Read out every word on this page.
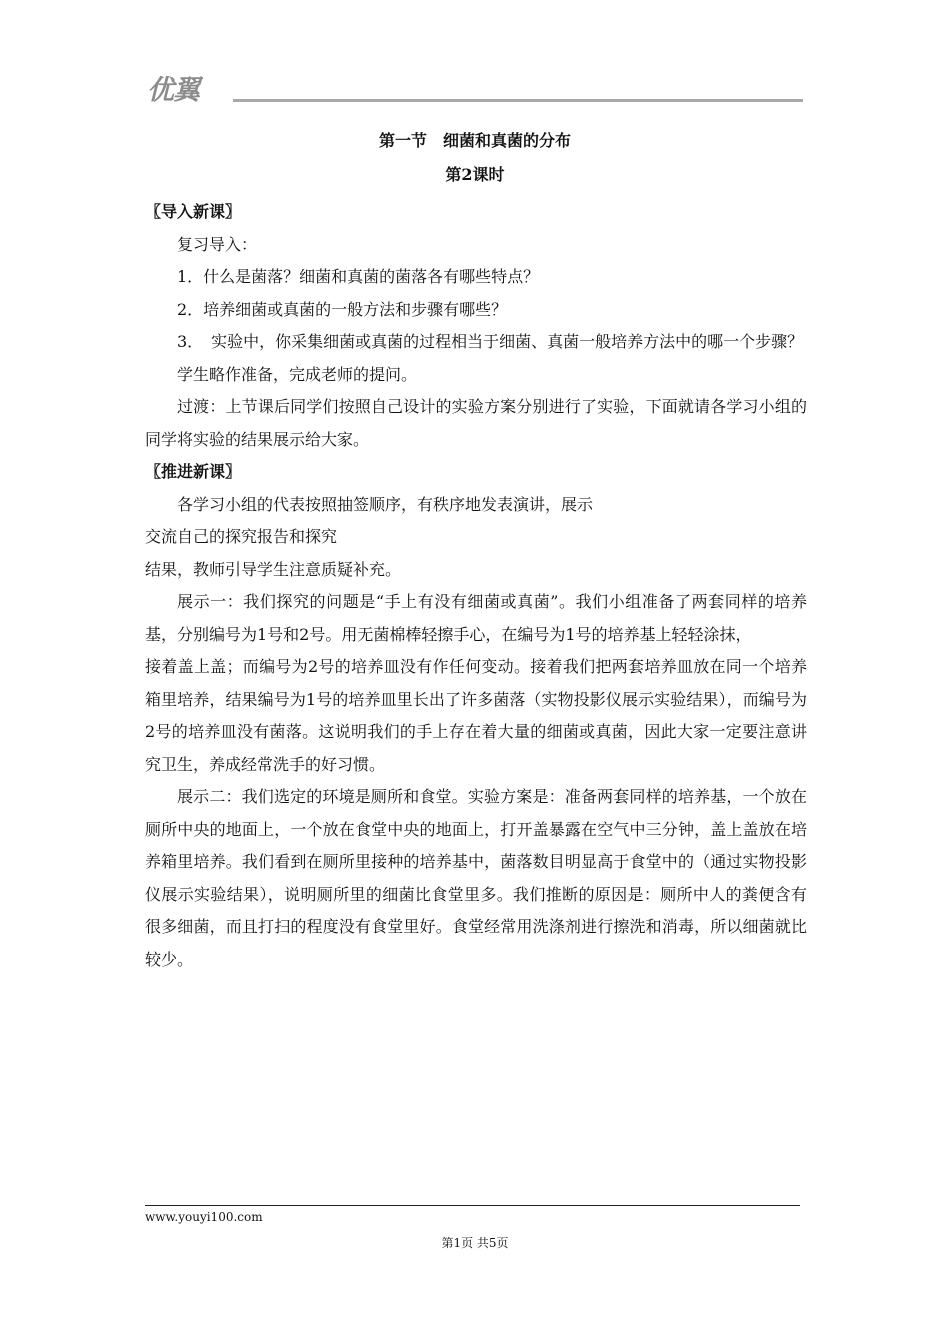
优翼
第一节　细菌和真菌的分布
第2课时

〖导入新课〗

复习导入：

1．什么是菌落？细菌和真菌的菌落各有哪些特点？

2．培养细菌或真菌的一般方法和步骤有哪些？

3．　实验中，你采集细菌或真菌的过程相当于细菌、真菌一般培养方法中的哪一个步骤？

学生略作准备，完成老师的提问。

过渡：上节课后同学们按照自己设计的实验方案分别进行了实验，下面就请各学习小组的同学将实验的结果展示给大家。

〖推进新课〗

各学习小组的代表按照抽签顺序，有秩序地发表演讲，展示交流自己的探究报告和探究

结果，教师引导学生注意质疑补充。

展示一：我们探究的问题是“手上有没有细菌或真菌”。我们小组准备了两套同样的培养基，分别编号为1号和2号。用无菌棉棒轻擦手心，在编号为1号的培养基上轻轻涂抹，

接着盖上盖；而编号为2号的培养皿没有作任何变动。接着我们把两套培养皿放在同一个培养箱里培养，结果编号为1号的培养皿里长出了许多菌落（实物投影仪展示实验结果），而编号为2号的培养皿没有菌落。这说明我们的手上存在着大量的细菌或真菌，因此大家一定要注意讲究卫生，养成经常洗手的好习惯。

展示二：我们选定的环境是厕所和食堂。实验方案是：准备两套同样的培养基，一个放在厕所中央的地面上，一个放在食堂中央的地面上，打开盖暴露在空气中三分钟，盖上盖放在培养箱里培养。我们看到在厕所里接种的培养基中，菌落数目明显高于食堂中的（通过实物投影仪展示实验结果），说明厕所里的细菌比食堂里多。我们推断的原因是：厕所中人的粪便含有很多细菌，而且打扫的程度没有食堂里好。食堂经常用洗涤剂进行擦洗和消毒，所以细菌就比较少。

www.youyi100.com
第1页 共5页
